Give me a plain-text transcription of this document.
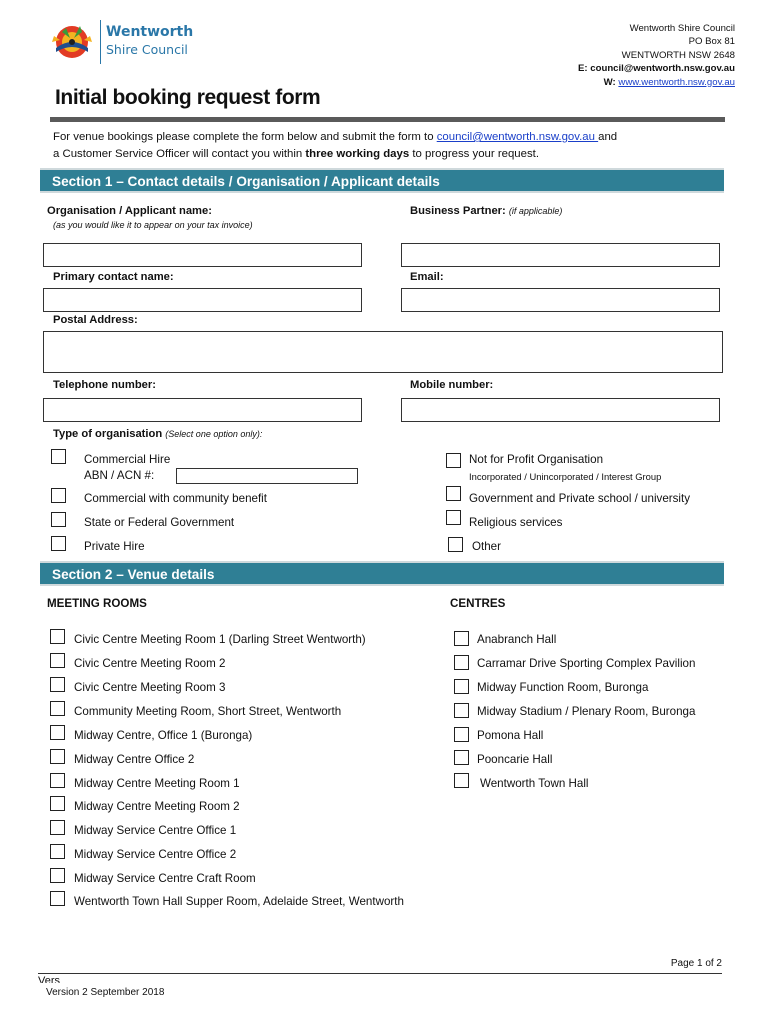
Wentworth
Shire Council
Wentworth Shire Council
PO Box 81
WENTWORTH NSW 2648
E: council@wentworth.nsw.gov.au
W: www.wentworth.nsw.gov.au
Initial booking request form
For venue bookings please complete the form below and submit the form to council@wentworth.nsw.gov.au and
a Customer Service Officer will contact you within three working days to progress your request.
Section 1 – Contact details / Organisation / Applicant details
Organisation / Applicant name:
(as you would like it to appear on your tax invoice)
Business Partner: (if applicable)
Primary contact name:	Email:
Postal Address:
Telephone number:	Mobile number:
Type of organisation (Select one option only):
Commercial Hire
ABN / ACN #:
Commercial with community benefit
State or Federal Government
Private Hire
Not for Profit Organisation
Incorporated / Unincorporated / Interest Group
Government and Private school / university
Religious services
Other
Section 2 – Venue details
MEETING ROOMS	CENTRES
Civic Centre Meeting Room 1 (Darling Street Wentworth)
Civic Centre Meeting Room 2
Civic Centre Meeting Room 3
Community Meeting Room, Short Street, Wentworth
Midway Centre, Office 1 (Buronga)
Midway Centre Office 2
Midway Centre Meeting Room 1
Midway Centre Meeting Room 2
Midway Service Centre Office 1
Midway Service Centre Office 2
Midway Service Centre Craft Room
Wentworth Town Hall Supper Room, Adelaide Street, Wentworth
Anabranch Hall
Carramar Drive Sporting Complex Pavilion
Midway Function Room, Buronga
Midway Stadium / Plenary Room, Buronga
Pomona Hall
Pooncarie Hall
Wentworth Town Hall
Page 1 of 2
Vers
Version 2 September 2018
